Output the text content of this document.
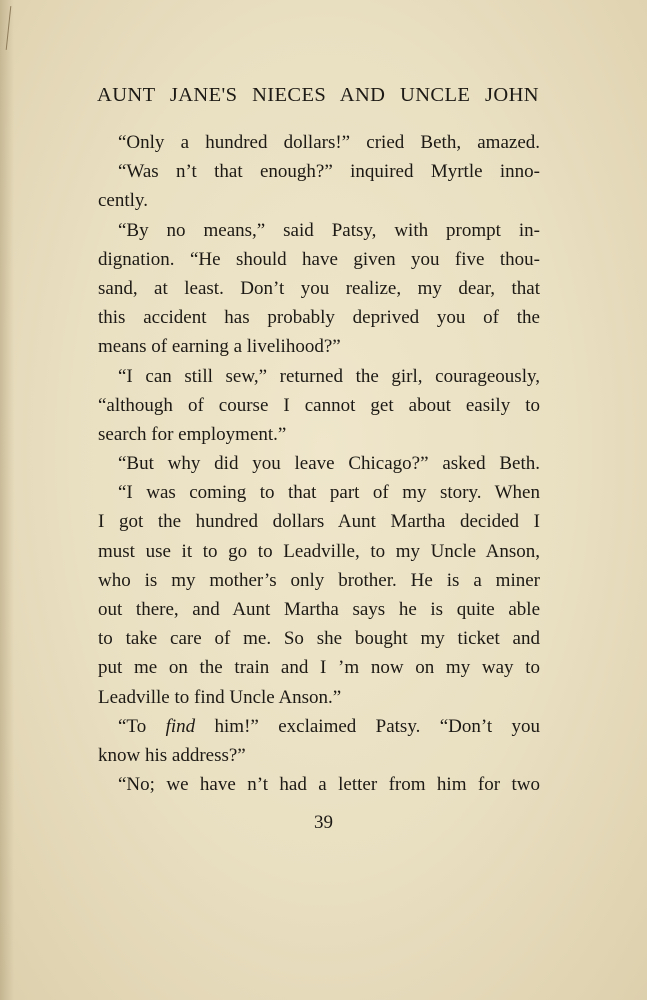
AUNT JANE'S NIECES AND UNCLE JOHN
“Only a hundred dollars!” cried Beth, amazed.
“Was n’t that enough?” inquired Myrtle inno-
cently.
“By no means,” said Patsy, with prompt in-
dignation. “He should have given you five thou-
sand, at least. Don’t you realize, my dear, that
this accident has probably deprived you of the
means of earning a livelihood?”
“I can still sew,” returned the girl, courageously,
“although of course I cannot get about easily to
search for employment.”
“But why did you leave Chicago?” asked Beth.
“I was coming to that part of my story. When
I got the hundred dollars Aunt Martha decided I
must use it to go to Leadville, to my Uncle Anson,
who is my mother’s only brother. He is a miner
out there, and Aunt Martha says he is quite able
to take care of me. So she bought my ticket and
put me on the train and I ’m now on my way to
Leadville to find Uncle Anson.”
“To find him!” exclaimed Patsy. “Don’t you
know his address?”
“No; we have n’t had a letter from him for two
39
